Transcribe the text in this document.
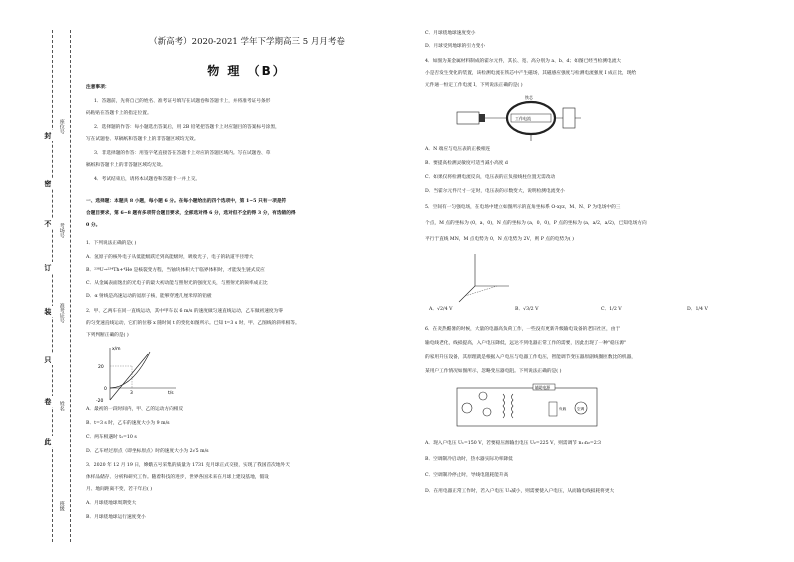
封
密
不
订
装
只
卷
此
座位号
考场号
准考证号
姓名
班级
（新高考）2020-2021 学年下学期高三 5 月月考卷
物 理 （B）
注意事项：
1．答题前，先将自己的姓名、准考证号填写在试题卷和答题卡上，并将准考证号条形
码粘贴在答题卡上的指定位置。
2．选择题的作答：每小题选出答案后，用 2B 铅笔把答题卡上对应题目的答案标号涂黑，
写在试题卷、草稿纸和答题卡上的非答题区域均无效。
3．非选择题的作答：用签字笔直接答在答题卡上对应的答题区域内。写在试题卷、草
稿纸和答题卡上的非答题区域均无效。
4．考试结束后，请将本试题卷和答题卡一并上交。
一、选择题：本题共 8 小题，每小题 6 分。在每小题给出的四个选项中，第 1~5 只有一项是符
合题目要求，第 6~8 题有多项符合题目要求，全部选对得 6 分，选对但不全的得 3 分，有选错的得
0 分。
1．下列说法正确的是( )
A．氢原子的核外电子从低能级跃迁到高能级时，吸收光子，电子的轨道半径增大
B．²³⁸U→²³⁴Th+⁴He 是核裂变方程，当铀块体积大于临界体积时，才能发生链式反应
C．从金属表面逸出的光电子的最大初动能与照射光的强度无关，与照射光的频率成正比
D．α 射线是高速运动的氦原子核，能够穿透几厘米厚的铅板
2．甲、乙两车在同一直线运动，其中甲车以 6 m/s 的速度做匀速直线运动，乙车做初速度为零
的匀变速直线运动，它们的位移 x 随时间 t 的变化如图所示。已知 t=3 s 时，甲、乙图线的斜率相等。
下列判断正确的是( )
x/m
t/s
20
0
-20
3
A．最初的一段时间内，甲、乙的运动方向相反
B．t=3 s 时，乙车的速度大小为 9 m/s
C．两车相遇时 t₁=10 s
D．乙车经过原点（即坐标原点）时的速度大小为 2√5 m/s
3．2020 年 12 月 19 日，嫦娥五号采集的质量为 1731 克月球正式交接，实现了我国首次地外天
体样品储存、分析和研究工作。随着科技的进步，世界各国未来在月球上建设基地，假设
月、地间距离不变，若干年后( )
A．月球绕地球周期变大
B．月球绕地球运行速度变小
C．月球绕地球速度变小
D．月球受到地球的引力变小
4．如图为某金属材料制成的霍尔元件，其长、宽、高分别为 a、b、d；如图已经当检测电流大
小是否发生变化的装置，该检测电流在铁芯中产生磁场，其磁感应强度与检测电流强度 I 成正比，现给
元件通一恒定工作电流 I，下列说法正确的是( )
工作电流
铁芯
A．N 端应与电压表的正极相连
B．要提高检测灵敏度可适当减小高度 d
C．如果仅将检测电流反向，电压表的正负接线柱位置无需改动
D．当霍尔元件尺寸一定时，电压表的示数变大，说明检测电流变小
5．空间有一匀强电场，在电场中建立如图所示的直角坐标系 O-xyz，M、N、P 为电场中的三
个点，M 点的坐标为 (0，a，0)，N 点的坐标为 (a，0，0)，P 点的坐标为 (a，a/2，a/2)，已知电场方向
平行于直线 MN，M 点电势为 0，N 点电势为 2V，则 P 点的电势为( )
A．√2/4 V	B．√3/2 V	C．1/2 V	D．1/4 V
6．在炎热酷暑的时候，大量的电器高负荷工作，一些没有更新升级输电设备的老旧社区，由于
输电线老化，线损提高，入户电压降低，远达不到电器正常工作的需要，因此出现了一种"稳压源"
的家用升压设备，其原理就是根据入户电压与电器工作电压，智能调节变压器原副线圈匝数比的机器，
某用户工作情况如图所示，忽略变压器电阻。下列说法正确的是( )
辅助电源
负载	空调
A．现入户电压 U₁=150 V，若要稳压源输出电压 U₂=225 V，则需调节 n₁:n₂=2∶3
B．空调制冷启动时，热水器实际功率降低
C．空调制冷停止时，导线电阻耗能升高
D．在用电器正常工作时，若入户电压 U₁减小，则需要使入户电压，从而输电线损耗将更大
